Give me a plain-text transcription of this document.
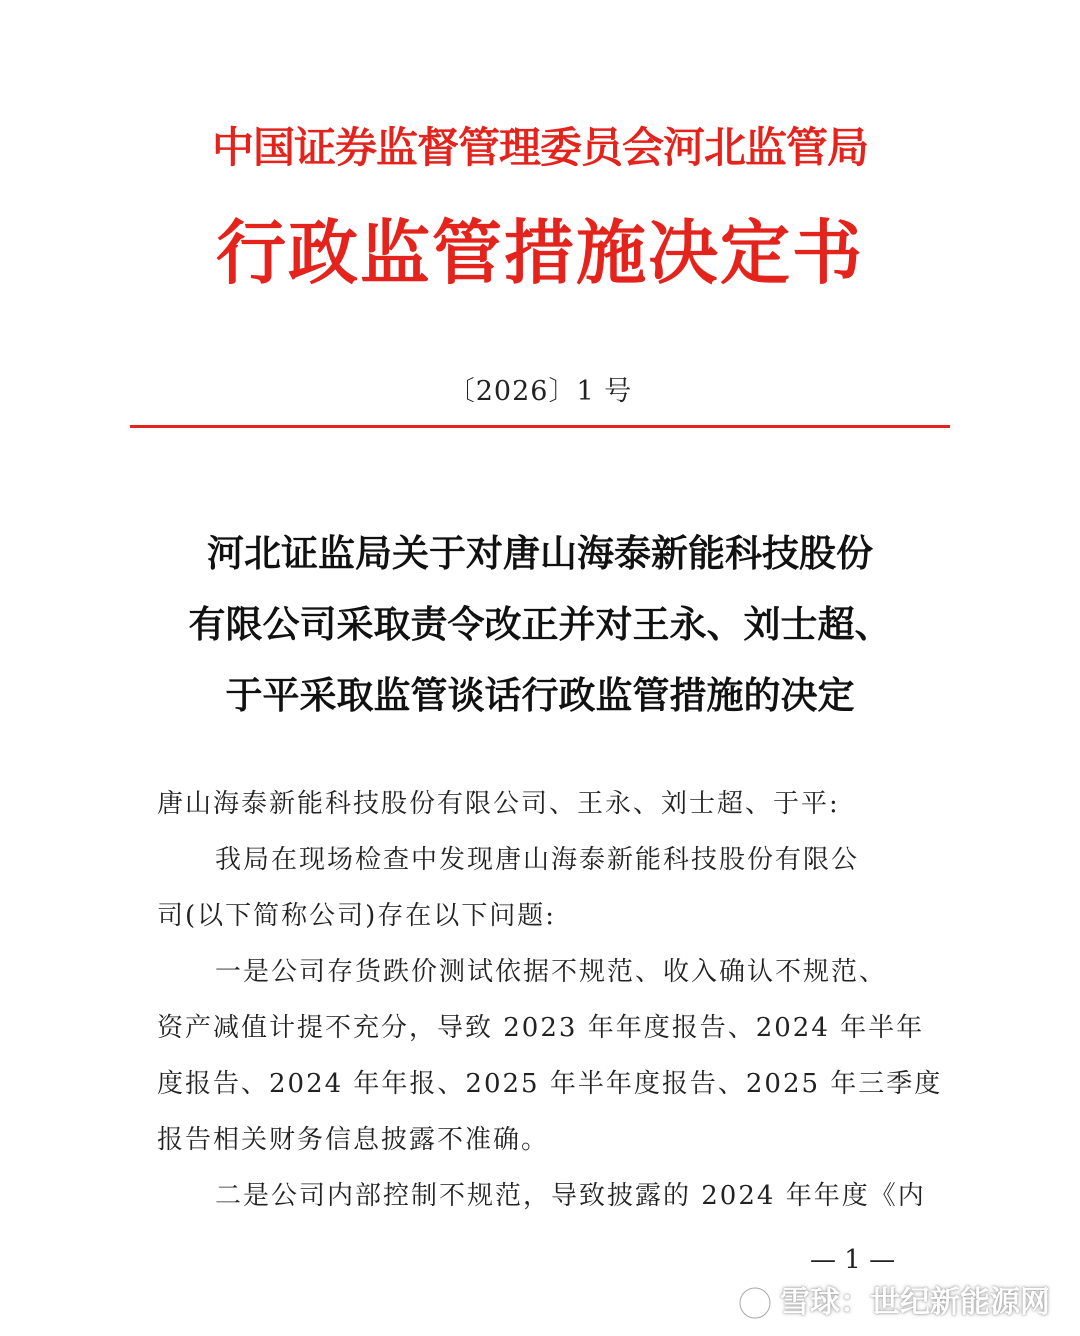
中国证券监督管理委员会河北监管局
行政监管措施决定书
〔2026〕1 号
河北证监局关于对唐山海泰新能科技股份
有限公司采取责令改正并对王永、刘士超、
于平采取监管谈话行政监管措施的决定
唐山海泰新能科技股份有限公司、王永、刘士超、于平:
我局在现场检查中发现唐山海泰新能科技股份有限公
司(以下简称公司)存在以下问题:
一是公司存货跌价测试依据不规范、收入确认不规范、
资产减值计提不充分，导致 2023 年年度报告、2024 年半年
度报告、2024 年年报、2025 年半年度报告、2025 年三季度
报告相关财务信息披露不准确。
二是公司内部控制不规范，导致披露的 2024 年年度《内
— 1 —
雪球：世纪新能源网
